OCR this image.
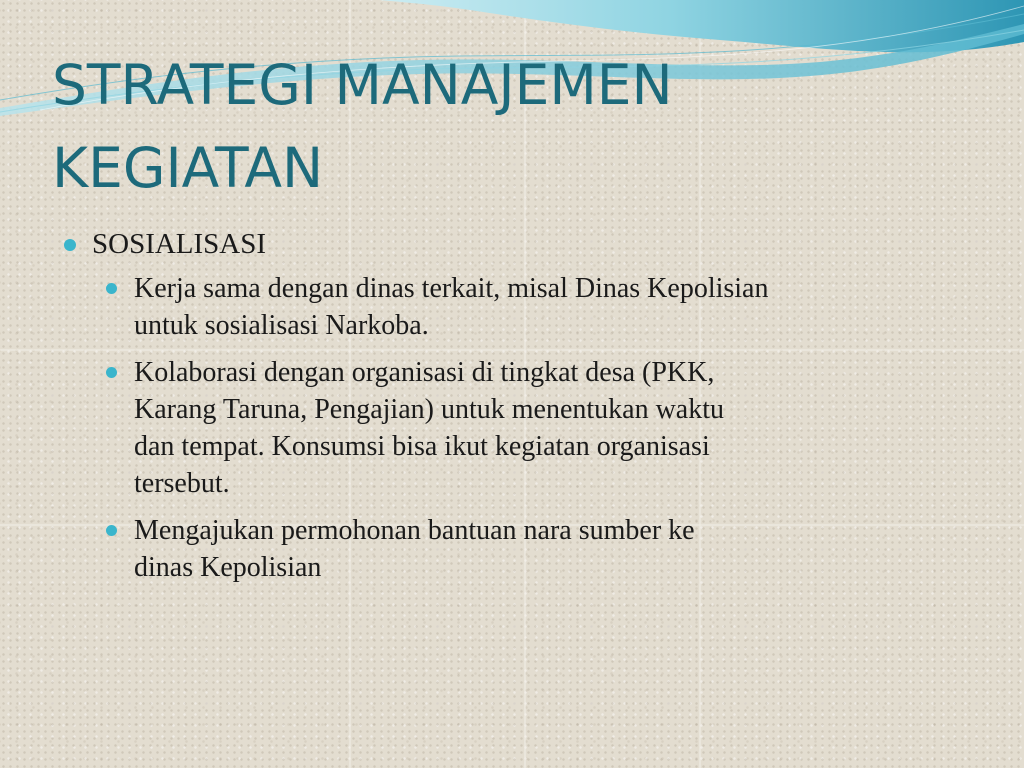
STRATEGI MANAJEMEN
KEGIATAN
SOSIALISASI
Kerja sama dengan dinas terkait, misal Dinas Kepolisian
untuk sosialisasi Narkoba.
Kolaborasi dengan organisasi di tingkat desa (PKK,
Karang Taruna, Pengajian) untuk menentukan waktu
dan tempat. Konsumsi bisa ikut kegiatan organisasi
tersebut.
Mengajukan permohonan bantuan nara sumber ke
dinas Kepolisian
